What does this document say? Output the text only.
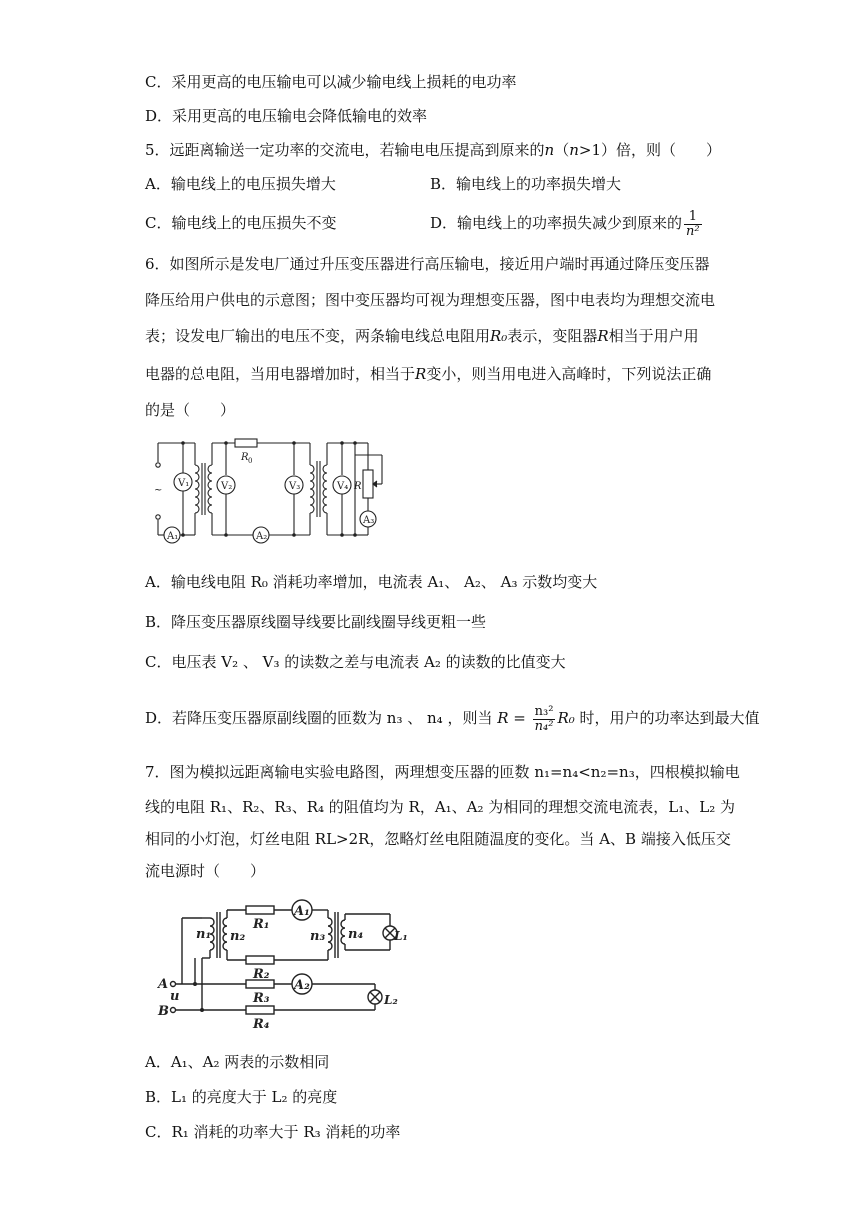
C．采用更高的电压输电可以减少输电线上损耗的电功率
D．采用更高的电压输电会降低输电的效率
5．远距离输送一定功率的交流电，若输电电压提高到原来的n（n>1）倍，则（　　）
A．输电线上的电压损失增大	B．输电线上的功率损失增大
C．输电线上的电压损失不变	D．输电线上的功率损失减少到原来的 $\frac{1}{\text{n²}}$
6．如图所示是发电厂通过升压变压器进行高压输电，接近用户端时再通过降压变压器
降压给用户供电的示意图；图中变压器均可视为理想变压器，图中电表均为理想交流电
表；设发电厂输出的电压不变，两条输电线总电阻用R₀表示，变阻器R相当于用户用
电器的总电阻，当用电器增加时，相当于R变小，则当用电进入高峰时，下列说法正确
的是（　　）
~
V₁	V₂	V₃	V₄
A₁	A₂
A₃
R 0
R
A．输电线电阻 R₀ 消耗功率增加，电流表 A₁、 A₂、 A₃ 示数均变大
B．降压变压器原线圈导线要比副线圈导线更粗一些
C．电压表 V₂ 、 V₃ 的读数之差与电流表 A₂ 的读数的比值变大
D．若降压变压器原副线圈的匝数为 n₃ 、 n₄ ，则当 $R = \frac{\text{n₃²}}{\text{n₄²}} R_0$ 时，用户的功率达到最大值
7．图为模拟远距离输电实验电路图，两理想变压器的匝数 n₁=n₄<n₂=n₃，四根模拟输电
线的电阻 R₁、R₂、R₃、R₄ 的阻值均为 R，A₁、A₂ 为相同的理想交流电流表，L₁、L₂ 为
相同的小灯泡，灯丝电阻 RL>2R，忽略灯丝电阻随温度的变化。当 A、B 端接入低压交
流电源时（　　）
n₁ n₂	n₃ n₄
R₁
R₂
R₃
R₄
A₁
A₂
L₁
L₂
A
B
u
A．A₁、A₂ 两表的示数相同
B．L₁ 的亮度大于 L₂ 的亮度
C．R₁ 消耗的功率大于 R₃ 消耗的功率
